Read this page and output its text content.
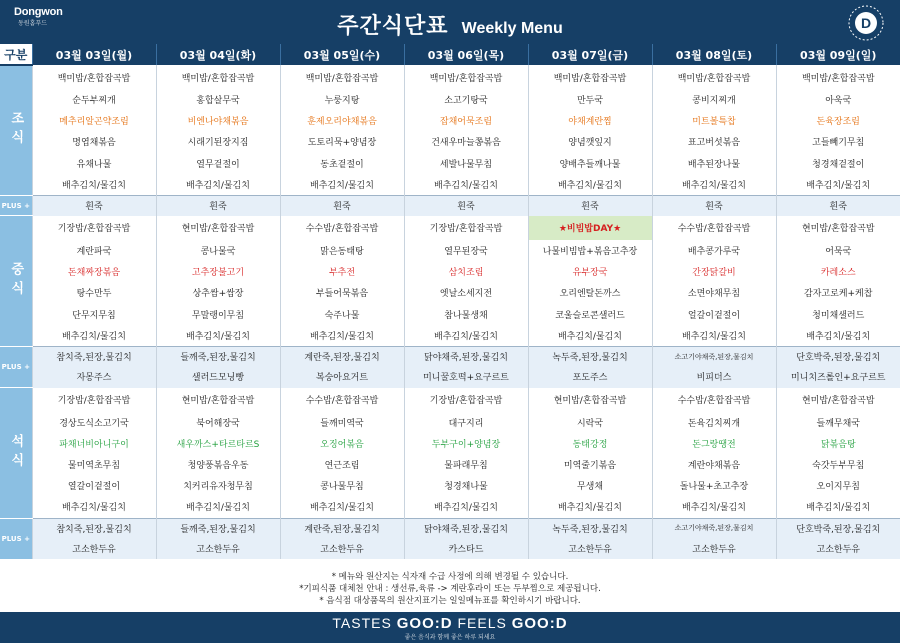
Dongwon
동원홈푸드	주간식단표 Weekly Menu	D
구분	03월 03일(월)	03월 04일(화)	03월 05일(수)	03월 06일(목)	03월 07일(금)	03월 08일(토)	03월 09일(일)
조식	백미밥/혼합잡곡밥	백미밥/혼합잡곡밥	백미밥/혼합잡곡밥	백미밥/혼합잡곡밥	백미밥/혼합잡곡밥	백미밥/혼합잡곡밥	백미밥/혼합잡곡밥
	순두부찌개	홍합살무국	누룽지탕	소고기탕국	만두국	콩비지찌개	아욱국
	메추리알곤약조림	비엔나야채볶음	훈제오리야채볶음	잡채어묵조림	야채계란찜	미트볼특찹	돈육장조림
	명엽채볶음	시래기된장지짐	도토리묵+양념장	건새우마늘쫑볶음	양념깻잎지	표고버섯볶음	고들빼기무침
	유채나물	열무겉절이	동초겉절이	세발나물무침	양배추들깨나물	배추된장나물	청경채겉절이
	배추김치/물김치	배추김치/물김치	배추김치/물김치	배추김치/물김치	배추김치/물김치	배추김치/물김치	배추김치/물김치
PLUS +	흰죽	흰죽	흰죽	흰죽	흰죽	흰죽	흰죽
중식	기장밥/혼합잡곡밥	현미밥/혼합잡곡밥	수수밥/혼합잡곡밥	기장밥/혼합잡곡밥	★비빔밥DAY★	수수밥/혼합잡곡밥	현미밥/혼합잡곡밥
	계란파국	콩나물국	맑은동태탕	열무된장국	나물비빔밥+볶음고추장	배추콩가루국	어묵국
	돈채짜장볶음	고추장불고기	부추전	삼치조림	유부장국	간장닭갈비	카레소스
	탕수만두	상추쌈+쌈장	부들어묵볶음	엣날소세지전	오리엔탈돈까스	소면야채무침	감자고로케+케찹
	단무지무침	무말랭이무침	숙주나물	참나물생채	코울슬로콘샐러드	얼갈이겉절이	청미채샐러드
	배추김치/물김치	배추김치/물김치	배추김치/물김치	배추김치/물김치	배추김치/물김치	배추김치/물김치	배추김치/물김치
PLUS +	참치죽,된장,물김치	들깨죽,된장,물김치	계란죽,된장,물김치	닭야채죽,된장,물김치	녹두죽,된장,물김치	소고기야채죽,된장,물김치	단호박죽,된장,물김치
	자몽주스	샐러드모닝빵	복숭아요거트	미니꿀호떡+요구르트	포도주스	비피더스	미니치즈롤인+요구르트
석식	기장밥/혼합잡곡밥	현미밥/혼합잡곡밥	수수밥/혼합잡곡밥	기장밥/혼합잡곡밥	현미밥/혼합잡곡밥	수수밥/혼합잡곡밥	현미밥/혼합잡곡밥
	경상도식소고기국	북어해장국	들깨미역국	대구지리	시락국	돈육김치찌개	들깨무채국
	파채너비아니구이	새우까스+타르타르S	오징어볶음	두부구이+양념장	동태강정	돈그랑땡전	닭볶음탕
	물미역초무침	청양풍볶음우동	연근조림	물파래무침	미역줄기볶음	계란야채볶음	숙갓두부무침
	열갈이겉절이	치커리유자청무침	콩나물무침	청경채나물	무생채	돌나물+초고추장	오이지무침
	배추김치/물김치	배추김치/물김치	배추김치/물김치	배추김치/물김치	배추김치/물김치	배추김치/물김치	배추김치/물김치
PLUS +	참치죽,된장,물김치	들깨죽,된장,물김치	계란죽,된장,물김치	닭야채죽,된장,물김치	녹두죽,된장,물김치	소고기야채죽,된장,물김치	단호박죽,된장,물김치
	고소한두유	고소한두유	고소한두유	카스타드	고소한두유	고소한두유	고소한두유
* 메뉴와 원산지는 식자재 수급 사정에 의해 변경될 수 있습니다.
*기피식품 대체천 안내 : 생선류,육류 -> 계란후라이 또는 두부찜으로 제공됩니다.
* 음식점 대상품목의 원산지표기는 일일메뉴표를 확인하시기 바랍니다.
TASTES GOO:D FEELS GOO:D
좋은 음식과 함께 좋은 하루 되세요
